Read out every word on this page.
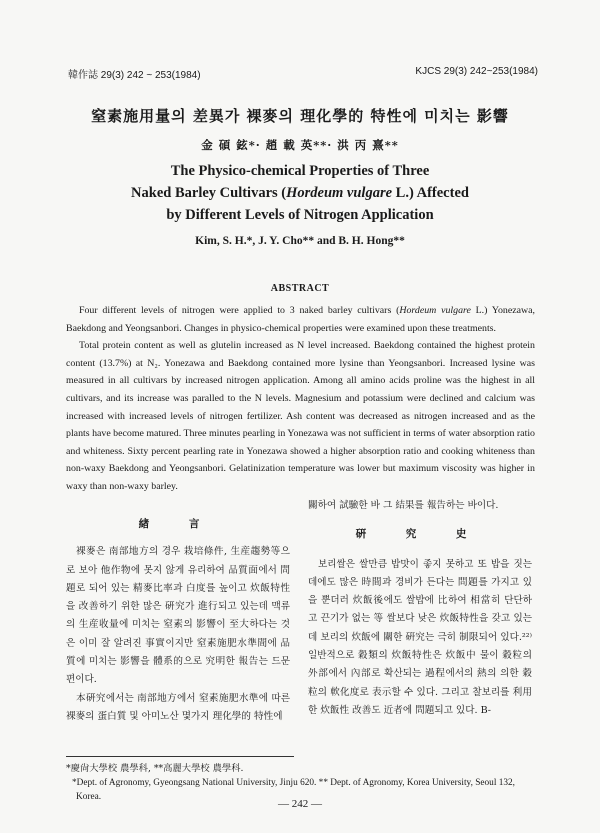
韓作誌 29(3) 242 ~ 253(1984)	KJCS 29(3) 242~253(1984)
窒素施用量의 差異가 裸麥의 理化學的 特性에 미치는 影響
金 碩 鉉*· 趙 載 英**· 洪 丙 熹**
The Physico-chemical Properties of Three
Naked Barley Cultivars (Hordeum vulgare L.) Affected
by Different Levels of Nitrogen Application
Kim, S. H.*, J. Y. Cho** and B. H. Hong**
ABSTRACT

Four different levels of nitrogen were applied to 3 naked barley cultivars (Hordeum vulgare L.) Yonezawa, Baekdong and Yeongsanbori. Changes in physico-chemical properties were examined upon these treatments.

Total protein content as well as glutelin increased as N level increased. Baekdong contained the highest protein content (13.7%) at N₂. Yonezawa and Baekdong contained more lysine than Yeongsanbori. Increased lysine was measured in all cultivars by increased nitrogen application. Among all amino acids proline was the highest in all cultivars, and its increase was paralled to the N levels. Magnesium and potassium were declined and calcium was increased with increased levels of nitrogen fertilizer. Ash content was decreased as nitrogen increased and as the plants have become matured. Three minutes pearling in Yonezawa was not sufficient in terms of water absorption ratio and whiteness. Sixty percent pearling rate in Yonezawa showed a higher absorption ratio and cooking whiteness than non-waxy Baekdong and Yeongsanbori. Gelatinization temperature was lower but maximum viscosity was higher in waxy than non-waxy barley.

緖 言

裸麥은 南部地方의 경우 栽培條件, 生産趨勢等으로 보아 他作物에 못지 않게 유리하여 品質面에서 問題로 되어 있는 精麥比率과 白度를 높이고 炊飯特性을 改善하기 위한 많은 硏究가 進行되고 있는데 맥류의 生産收量에 미치는 窒素의 影響이 至大하다는 것은 이미 잘 알려진 事實이지만 窒素施肥水準間에 品質에 미치는 影響을 體系的으로 究明한 報告는 드문 편이다.

本硏究에서는 南部地方에서 窒素施肥水準에 따른 裸麥의 蛋白質 및 아미노산 몇가지 理化學的 特性에

關하여 試驗한 바 그 結果를 報告하는 바이다.
硏 究 史

보리쌀은 쌀만큼 밥맛이 좋지 못하고 또 밥을 짓는 데에도 많은 時間과 경비가 든다는 問題를 가지고 있을 뿐더러 炊飯後에도 쌀밥에 比하여 相當히 단단하고 끈기가 없는 等 쌀보다 낮은 炊飯特性을 갖고 있는데 보리의 炊飯에 關한 硏究는 극히 制限되어 있다.²²⁾ 일반적으로 穀類의 炊飯特性은 炊飯中 물이 穀粒의 外部에서 內部로 확산되는 過程에서의 熱의 의한 穀粒의 軟化度로 表示할 수 있다. 그리고 찰보리를 利用한 炊飯性 改善도 近者에 問題되고 있다. B-

*慶尙大學校 農學科, **高麗大學校 農學科.
*Dept. of Agronomy, Gyeongsang National University, Jinju 620. ** Dept. of Agronomy, Korea University, Seoul 132, Korea.
— 242 —
